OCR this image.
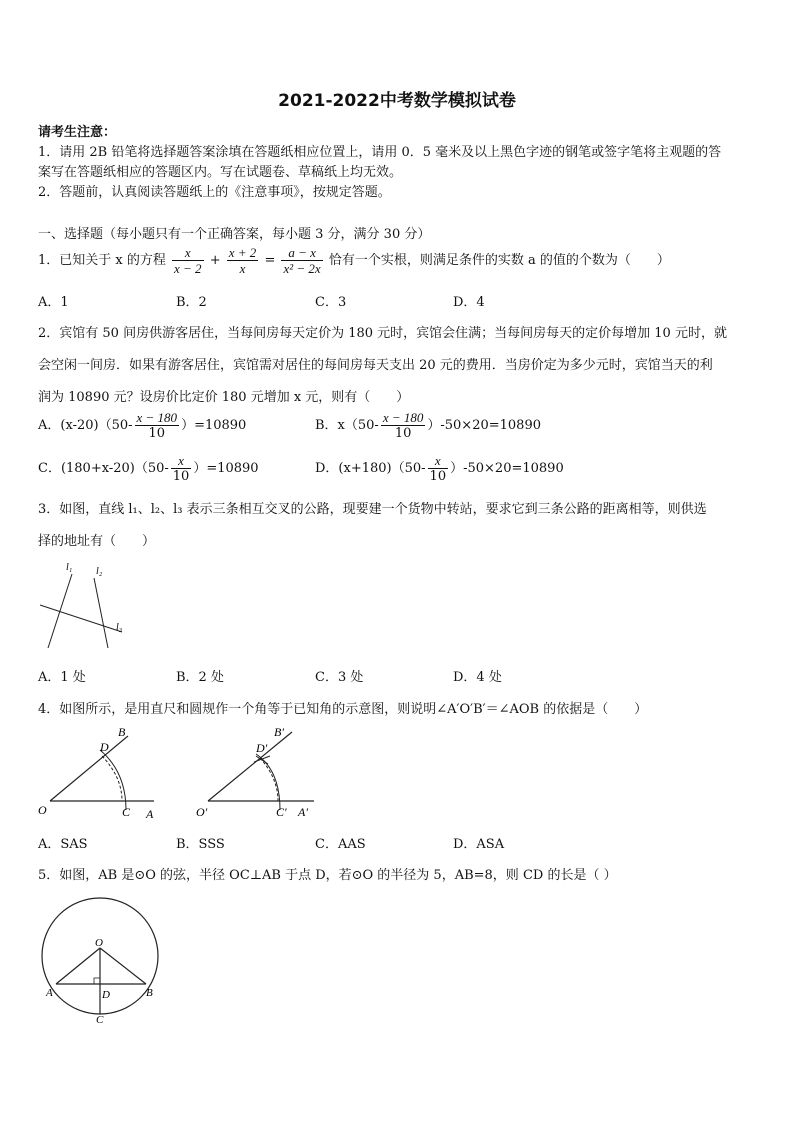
2021-2022中考数学模拟试卷
请考生注意：
1．请用 2B 铅笔将选择题答案涂填在答题纸相应位置上，请用 0．5 毫米及以上黑色字迹的钢笔或签字笔将主观题的答
案写在答题纸相应的答题区内。写在试题卷、草稿纸上均无效。
2．答题前，认真阅读答题纸上的《注意事项》，按规定答题。
一、选择题（每小题只有一个正确答案，每小题 3 分，满分 30 分）
1．已知关于 x 的方程 $\frac{x}{x - 2} + \frac{x + 2}{x} = \frac{a - x}{\text{x² − 2x}}$ 恰有一个实根，则满足条件的实数 a 的值的个数为（　　）
A．1	B．2	C．3	D．4
2．宾馆有 50 间房供游客居住，当每间房每天定价为 180 元时，宾馆会住满；当每间房每天的定价每增加 10 元时，就
会空闲一间房．如果有游客居住，宾馆需对居住的每间房每天支出 20 元的费用．当房价定为多少元时，宾馆当天的利
润为 10890 元？设房价比定价 180 元增加 x 元，则有（　　）
A．$(x-20)(50- \frac{x - 180}{10} )=10890$	B．$x(50- \frac{x - 180}{10} )-50\times 20=10890$
C．$(180+x-20)(50- \frac{x}{10} )=10890$	D．$(x+180)(50- \frac{x}{10} )-50\times 20=10890$
3．如图，直线 l₁、l₂、l₃ 表示三条相互交叉的公路，现要建一个货物中转站，要求它到三条公路的距离相等，则供选
择的地址有（　　）
l₁ l₂
l₃
A．1 处	B．2 处	C．3 处	D．4 处
4．如图所示，是用直尺和圆规作一个角等于已知角的示意图，则说明∠A′O′B′＝∠AOB 的依据是（　　）
O	C A
D
B
O′	C′ A′
D′
B′
A．SAS	B．SSS	C．AAS	D．ASA
5．如图，AB 是⊙O 的弦，半径 OC⊥AB 于点 D，若⊙O 的半径为 5，AB=8，则 CD 的长是（ ）
O
A	B
D
C
